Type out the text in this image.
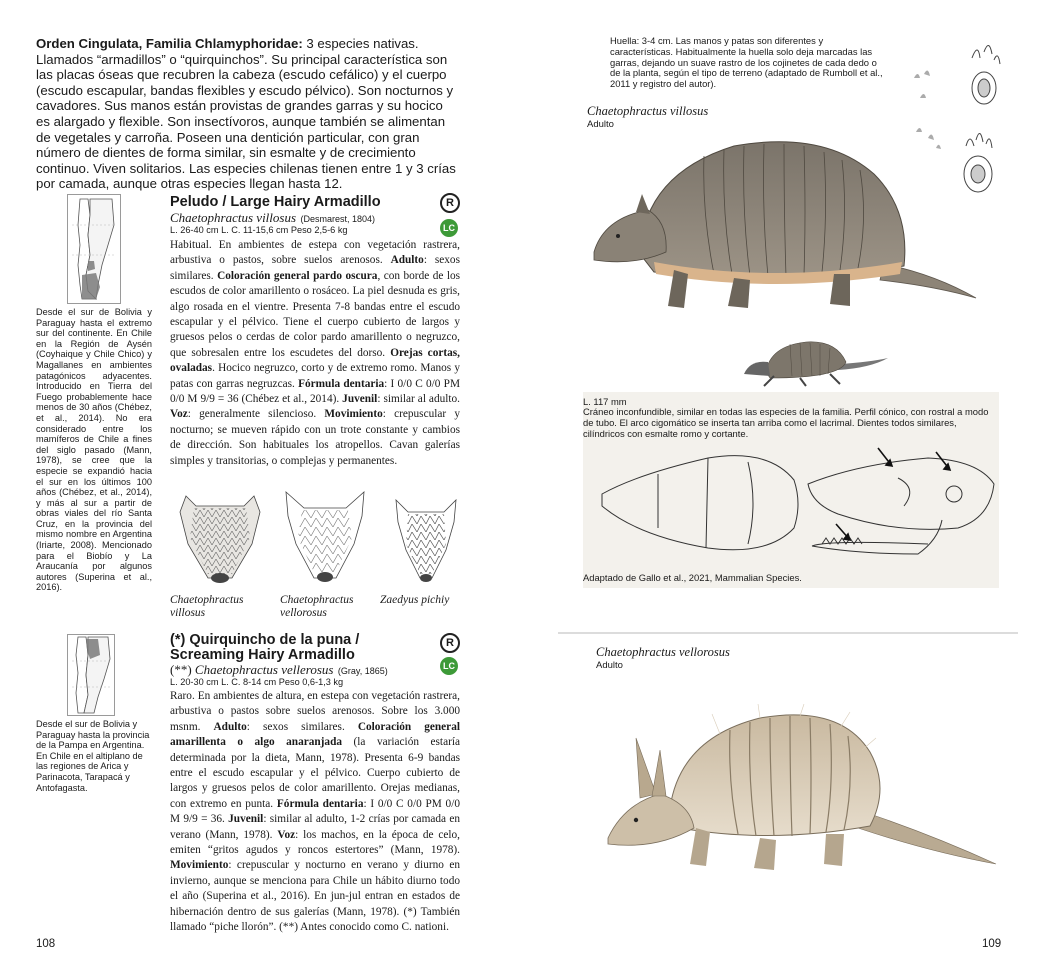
Orden Cingulata, Familia Chlamyphoridae: 3 especies nativas. Llamados “armadillos” o “quirquinchos”. Su principal característica son las placas óseas que recubren la cabeza (escudo cefálico) y el cuerpo (escudo escapular, bandas flexibles y escudo pélvico). Son nocturnos y cavadores. Sus manos están provistas de grandes garras y su hocico es alargado y flexible. Son insectívoros, aunque también se alimentan de vegetales y carroña. Poseen una dentición particular, con gran número de dientes de forma similar, sin esmalte y de crecimiento continuo. Viven solitarios. Las especies chilenas tienen entre 1 y 3 crías por camada, aunque otras especies llegan hasta 12.
Desde el sur de Bolivia y Paraguay hasta el extremo sur del continente. En Chile en la Región de Aysén (Coyhaique y Chile Chico) y Magallanes en ambientes patagónicos adyacentes. Introducido en Tierra del Fuego probablemente hace menos de 30 años (Chébez, et al., 2014). No era considerado entre los mamíferos de Chile a fines del siglo pasado (Mann, 1978), se cree que la especie se expandió hacia el sur en los últimos 100 años (Chébez, et al., 2014), y más al sur a partir de obras viales del río Santa Cruz, en la provincia del mismo nombre en Argentina (Iriarte, 2008). Mencionado para el Biobío y La Araucanía por algunos autores (Superina et al., 2016).
Peludo / Large Hairy Armadillo	R
Chaetophractus villosus (Desmarest, 1804)
LC
L. 26-40 cm L. C. 11-15,6 cm Peso 2,5-6 kg
Habitual. En ambientes de estepa con vegetación rastrera, arbustiva o pastos, sobre suelos arenosos. Adulto: sexos similares. Coloración general pardo oscura, con borde de los escudos de color amarillento o rosáceo. La piel desnuda es gris, algo rosada en el vientre. Presenta 7-8 bandas entre el escudo escapular y el pélvico. Tiene el cuerpo cubierto de largos y gruesos pelos o cerdas de color pardo amarillento o negruzco, que sobresalen entre los escudetes del dorso. Orejas cortas, ovaladas. Hocico negruzco, corto y de extremo romo. Manos y patas con garras negruzcas. Fórmula dentaria: I 0/0 C 0/0 PM 0/0 M 9/9 = 36 (Chébez et al., 2014). Juvenil: similar al adulto. Voz: generalmente silencioso. Movimiento: crepuscular y nocturno; se mueven rápido con un trote constante y cambios de dirección. Son habituales los atropellos. Cavan galerías simples y transitorias, o complejas y permanentes.
Chaetophractus
villosus
Chaetophractus
vellorosus
Zaedyus pichiy
Desde el sur de Bolivia y Paraguay hasta la provincia de la Pampa en Argentina. En Chile en el altiplano de las regiones de Arica y Parinacota, Tarapacá y Antofagasta.
(*) Quirquincho de la puna /
Screaming Hairy Armadillo
R
(**) Chaetophractus vellerosus (Gray, 1865)	LC
L. 20-30 cm L. C. 8-14 cm Peso 0,6-1,3 kg
Raro. En ambientes de altura, en estepa con vegetación rastrera, arbustiva o pastos sobre suelos arenosos. Sobre los 3.000 msnm. Adulto: sexos similares. Coloración general amarillenta o algo anaranjada (la variación estaría determinada por la dieta, Mann, 1978). Presenta 6-9 bandas entre el escudo escapular y el pélvico. Cuerpo cubierto de largos y gruesos pelos de color amarillento. Orejas medianas, con extremo en punta. Fórmula dentaria: I 0/0 C 0/0 PM 0/0 M 9/9 = 36. Juvenil: similar al adulto, 1-2 crías por camada en verano (Mann, 1978). Voz: los machos, en la época de celo, emiten “gritos agudos y roncos estertores” (Mann, 1978). Movimiento: crepuscular y nocturno en verano y diurno en invierno, aunque se menciona para Chile un hábito diurno todo el año (Superina et al., 2016). En jun-jul entran en estados de hibernación dentro de sus galerías (Mann, 1978). (*) También llamado “piche llorón”. (**) Antes conocido como C. nationi.
108
Huella: 3-4 cm. Las manos y patas son diferentes y características. Habitualmente la huella solo deja marcadas las garras, dejando un suave rastro de los cojinetes de cada dedo o de la planta, según el tipo de terreno (adaptado de Rumboll et al., 2011 y registro del autor).
Chaetophractus villosus
Adulto
L. 117 mm
Cráneo inconfundible, similar en todas las especies de la familia. Perfil cónico, con rostral a modo de tubo. El arco cigomático se inserta tan arriba como el lacrimal. Dientes todos similares, cilíndricos con esmalte romo y cortante.
Adaptado de Gallo et al., 2021, Mammalian Species.
Chaetophractus vellorosus
Adulto
109
